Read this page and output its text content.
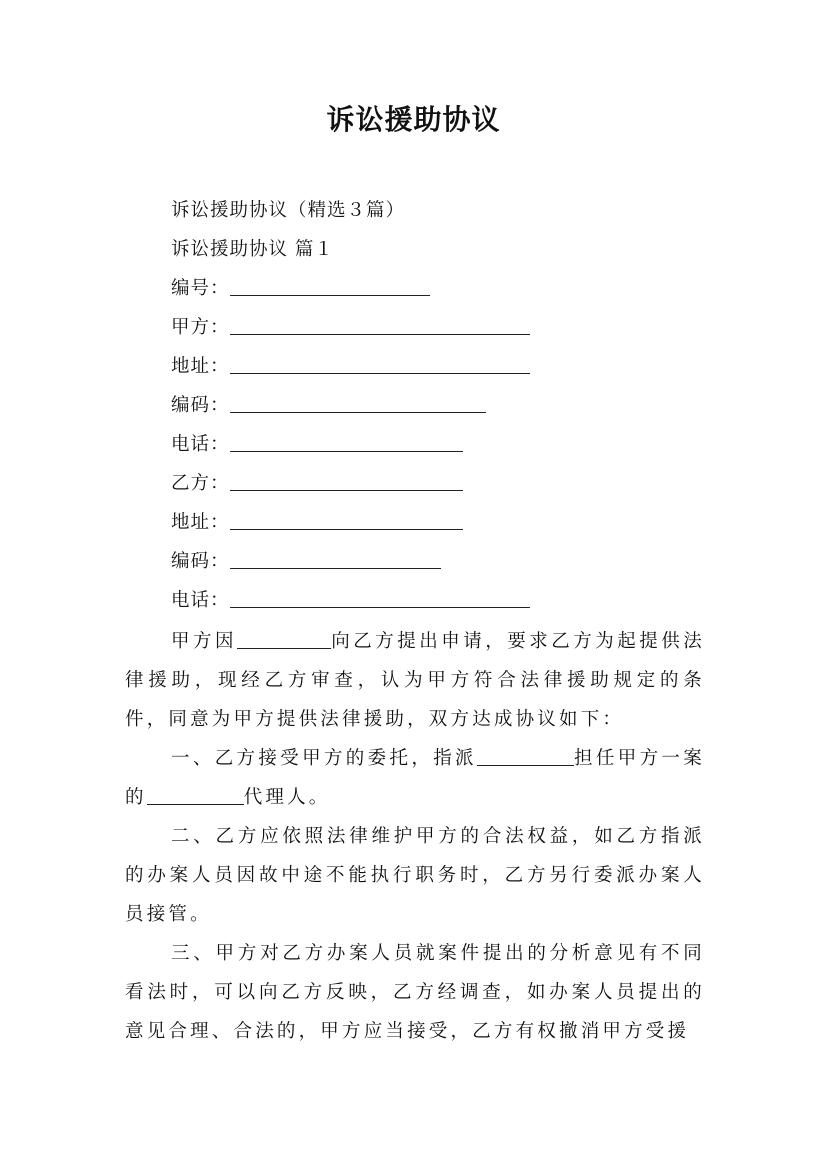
诉讼援助协议
诉讼援助协议（精选３篇）
诉讼援助协议 篇１
编号：
甲方：
地址：
编码：
电话：
乙方：
地址：
编码：
电话：
甲方因	向乙方提出申请，要求乙方为起提供法律援助，现经乙方审查，认为甲方符合法律援助规定的条件，同意为甲方提供法律援助，双方达成协议如下：
一、乙方接受甲方的委托，指派	担任甲方一案的	代理人。
二、乙方应依照法律维护甲方的合法权益，如乙方指派的办案人员因故中途不能执行职务时，乙方另行委派办案人员接管。
三、甲方对乙方办案人员就案件提出的分析意见有不同看法时，可以向乙方反映，乙方经调查，如办案人员提出的意见合理、合法的，甲方应当接受，乙方有权撤消甲方受援
